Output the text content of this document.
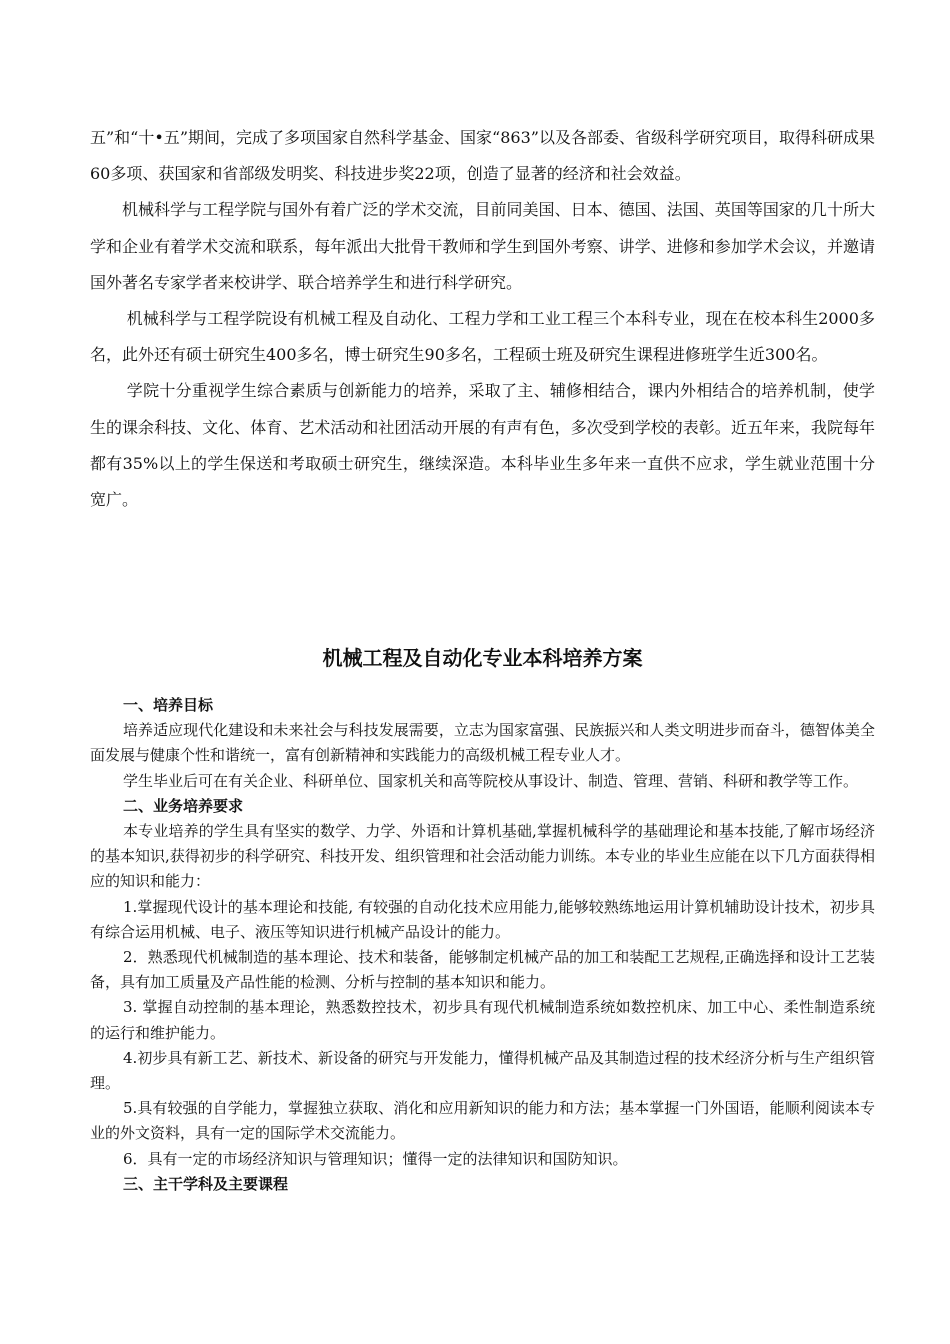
五”和“十•五”期间，完成了多项国家自然科学基金、国家“863”以及各部委、省级科学研究项目，取得科研成果60多项、获国家和省部级发明奖、科技进步奖22项，创造了显著的经济和社会效益。

机械科学与工程学院与国外有着广泛的学术交流，目前同美国、日本、德国、法国、英国等国家的几十所大学和企业有着学术交流和联系，每年派出大批骨干教师和学生到国外考察、讲学、进修和参加学术会议，并邀请国外著名专家学者来校讲学、联合培养学生和进行科学研究。

机械科学与工程学院设有机械工程及自动化、工程力学和工业工程三个本科专业，现在在校本科生2000多名，此外还有硕士研究生400多名，博士研究生90多名，工程硕士班及研究生课程进修班学生近300名。

学院十分重视学生综合素质与创新能力的培养，采取了主、辅修相结合，课内外相结合的培养机制，使学生的课余科技、文化、体育、艺术活动和社团活动开展的有声有色，多次受到学校的表彰。近五年来，我院每年都有35%以上的学生保送和考取硕士研究生，继续深造。本科毕业生多年来一直供不应求，学生就业范围十分宽广。

机械工程及自动化专业本科培养方案
一、培养目标

培养适应现代化建设和未来社会与科技发展需要，立志为国家富强、民族振兴和人类文明进步而奋斗，德智体美全面发展与健康个性和谐统一，富有创新精神和实践能力的高级机械工程专业人才。

学生毕业后可在有关企业、科研单位、国家机关和高等院校从事设计、制造、管理、营销、科研和教学等工作。

二、业务培养要求

本专业培养的学生具有坚实的数学、力学、外语和计算机基础,掌握机械科学的基础理论和基本技能,了解市场经济的基本知识,获得初步的科学研究、科技开发、组织管理和社会活动能力训练。本专业的毕业生应能在以下几方面获得相应的知识和能力：

1.掌握现代设计的基本理论和技能, 有较强的自动化技术应用能力,能够较熟练地运用计算机辅助设计技术，初步具有综合运用机械、电子、液压等知识进行机械产品设计的能力。

2．熟悉现代机械制造的基本理论、技术和装备，能够制定机械产品的加工和装配工艺规程,正确选择和设计工艺装备，具有加工质量及产品性能的检测、分析与控制的基本知识和能力。

3. 掌握自动控制的基本理论，熟悉数控技术，初步具有现代机械制造系统如数控机床、加工中心、柔性制造系统的运行和维护能力。

4.初步具有新工艺、新技术、新设备的研究与开发能力，懂得机械产品及其制造过程的技术经济分析与生产组织管理。

5.具有较强的自学能力，掌握独立获取、消化和应用新知识的能力和方法；基本掌握一门外国语，能顺利阅读本专业的外文资料，具有一定的国际学术交流能力。

6．具有一定的市场经济知识与管理知识；懂得一定的法律知识和国防知识。

三、主干学科及主要课程
